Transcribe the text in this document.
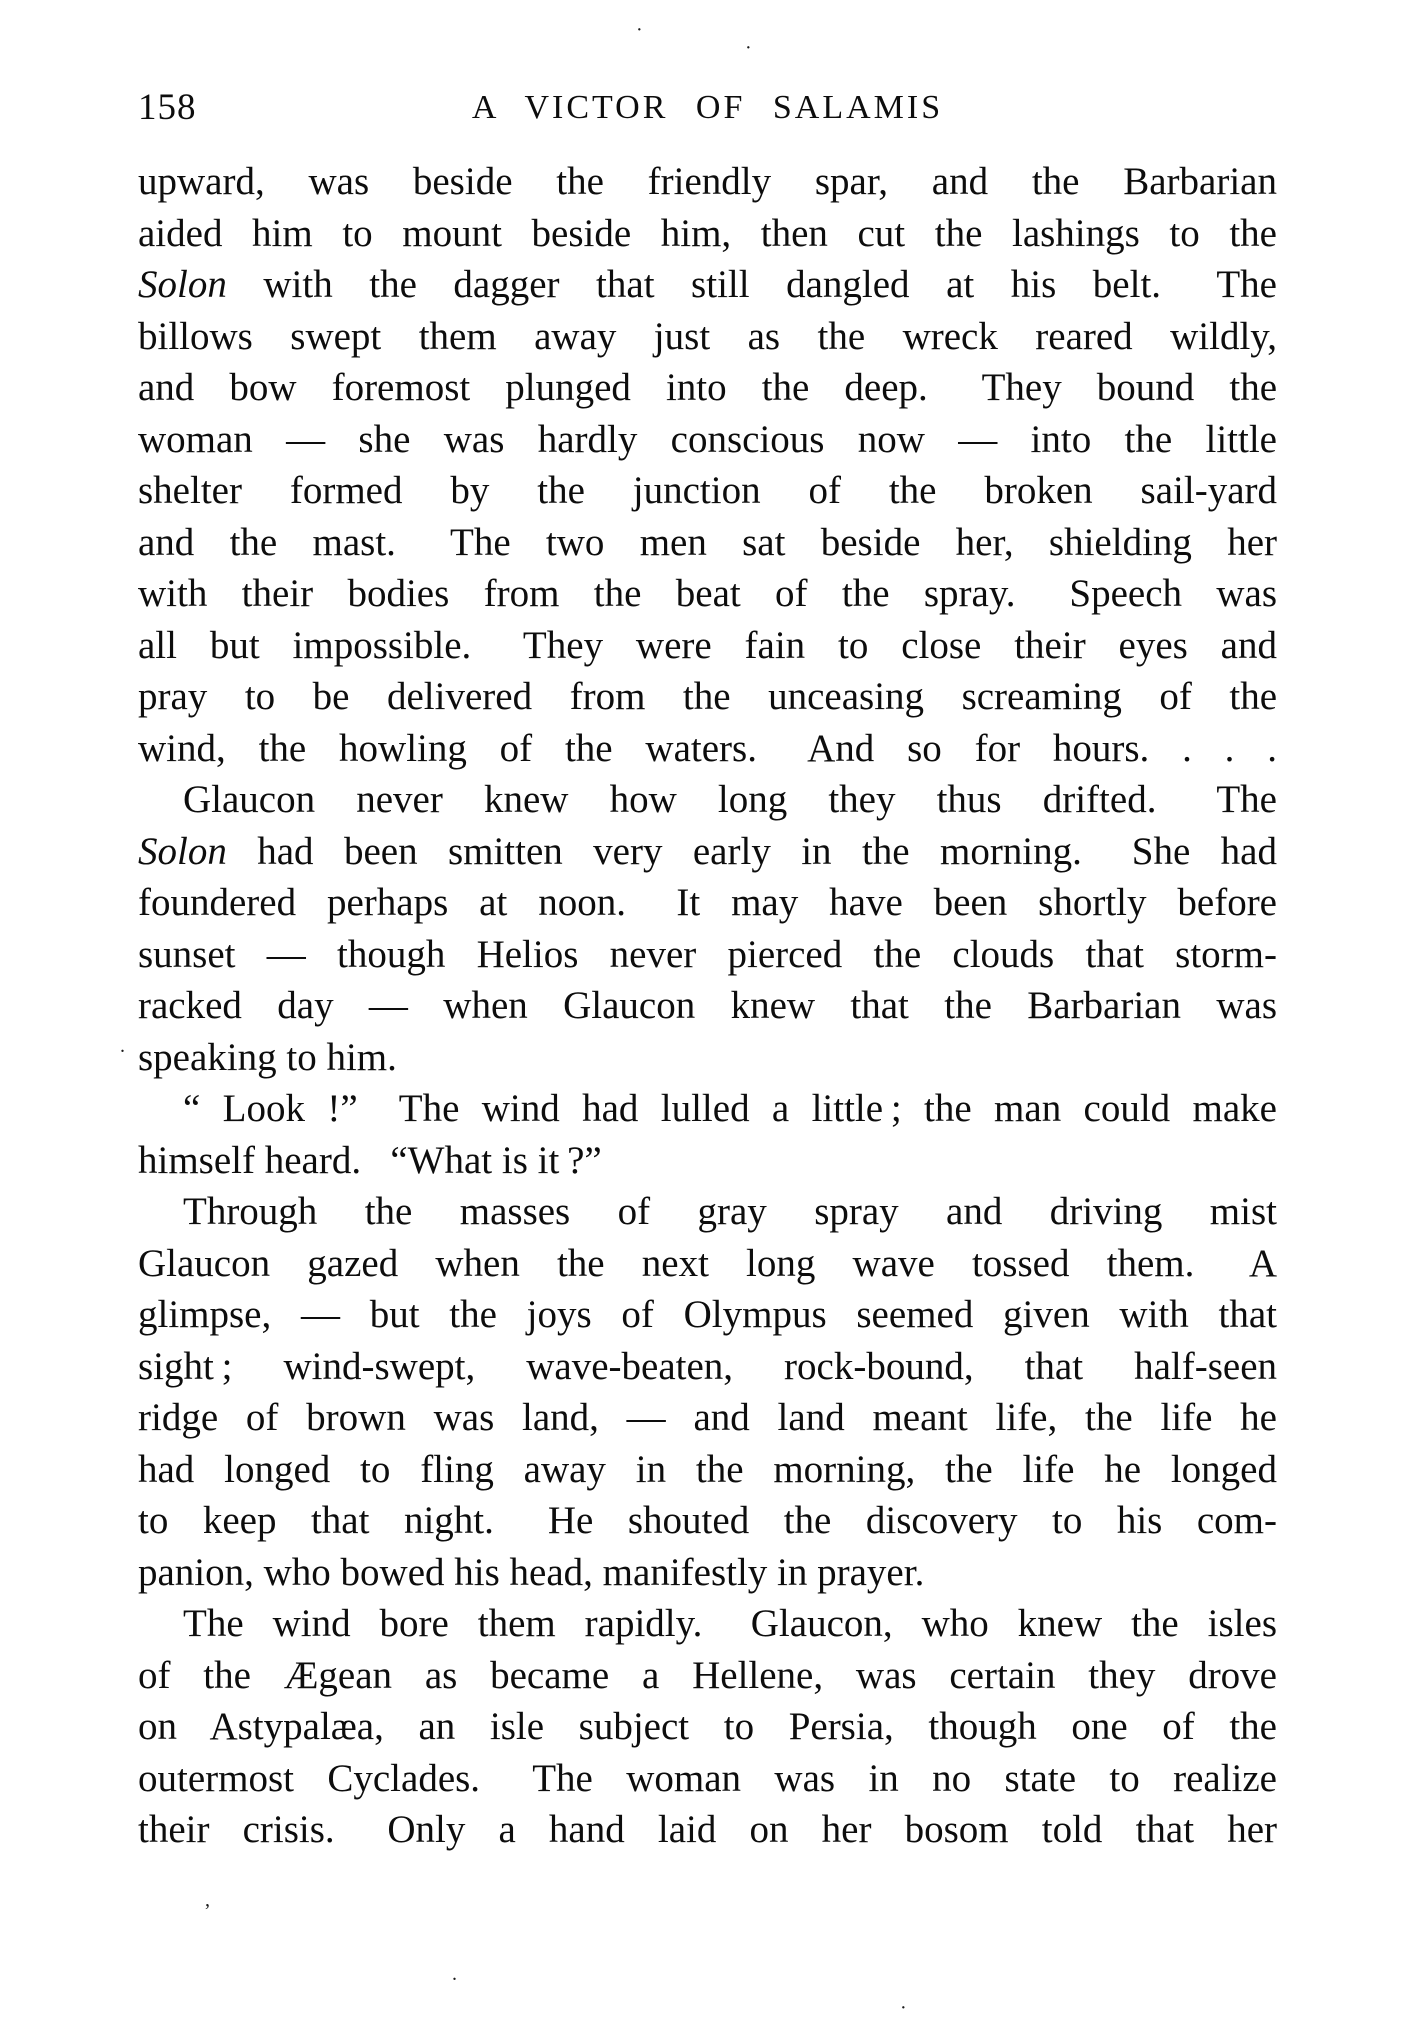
158	A VICTOR OF SALAMIS
upward, was beside the friendly spar, and the Barbarian
aided him to mount beside him, then cut the lashings to the
Solon with the dagger that still dangled at his belt.  The
billows swept them away just as the wreck reared wildly,
and bow foremost plunged into the deep.  They bound the
woman — she was hardly conscious now — into the little
shelter formed by the junction of the broken sail-yard
and the mast.  The two men sat beside her, shielding her
with their bodies from the beat of the spray.  Speech was
all but impossible.  They were fain to close their eyes and
pray to be delivered from the unceasing screaming of the
wind, the howling of the waters.  And so for hours. . . .
Glaucon never knew how long they thus drifted.  The
Solon had been smitten very early in the morning.  She had
foundered perhaps at noon.  It may have been shortly before
sunset — though Helios never pierced the clouds that storm-
racked day — when Glaucon knew that the Barbarian was
speaking to him.
“ Look !”  The wind had lulled a little ; the man could make
himself heard.  “What is it ?”
Through the masses of gray spray and driving mist
Glaucon gazed when the next long wave tossed them.  A
glimpse, — but the joys of Olympus seemed given with that
sight ; wind-swept, wave-beaten, rock-bound, that half-seen
ridge of brown was land, — and land meant life, the life he
had longed to fling away in the morning, the life he longed
to keep that night.  He shouted the discovery to his com-
panion, who bowed his head, manifestly in prayer.
The wind bore them rapidly.  Glaucon, who knew the isles
of the Ægean as became a Hellene, was certain they drove
on Astypalæa, an isle subject to Persia, though one of the
outermost Cyclades.  The woman was in no state to realize
their crisis.  Only a hand laid on her bosom told that her
·
·
.
,
.
·
